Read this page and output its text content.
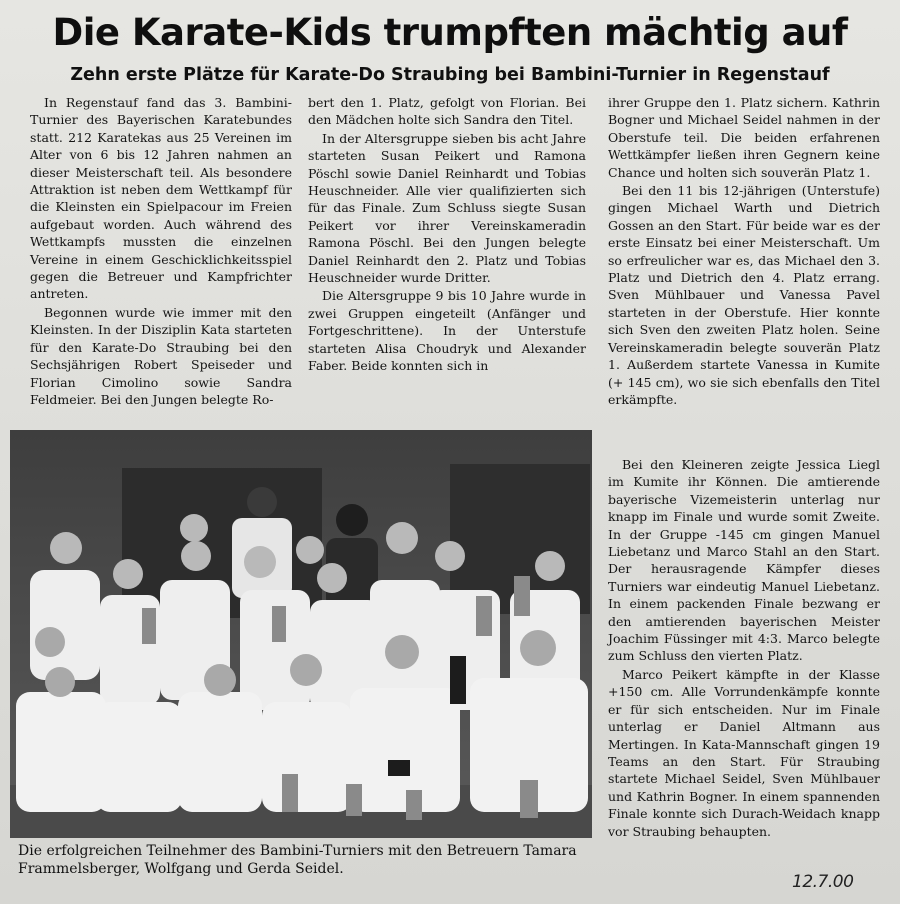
Die Karate-Kids trumpften mächtig auf
Zehn erste Plätze für Karate-Do Straubing bei Bambini-Turnier in Regenstauf

In Regenstauf fand das 3. Bambini-Turnier des Bayerischen Karatebundes statt. 212 Karatekas aus 25 Vereinen im Alter von 6 bis 12 Jahren nahmen an dieser Meisterschaft teil. Als besondere Attraktion ist neben dem Wettkampf für die Kleinsten ein Spielpacour im Freien aufgebaut worden. Auch während des Wettkampfs mussten die einzelnen Vereine in einem Geschicklichkeitsspiel gegen die Betreuer und Kampfrichter antreten.

Begonnen wurde wie immer mit den Kleinsten. In der Disziplin Kata starteten für den Karate-Do Straubing bei den Sechsjährigen Robert Speiseder und Florian Cimolino sowie Sandra Feldmeier. Bei den Jungen belegte Ro-

bert den 1. Platz, gefolgt von Florian. Bei den Mädchen holte sich Sandra den Titel.

In der Altersgruppe sieben bis acht Jahre starteten Susan Peikert und Ramona Pöschl sowie Daniel Reinhardt und Tobias Heuschneider. Alle vier qualifizierten sich für das Finale. Zum Schluss siegte Susan Peikert vor ihrer Vereinskameradin Ramona Pöschl. Bei den Jungen belegte Daniel Reinhardt den 2. Platz und Tobias Heuschneider wurde Dritter.

Die Altersgruppe 9 bis 10 Jahre wurde in zwei Gruppen eingeteilt (Anfänger und Fortgeschrittene). In der Unterstufe starteten Alisa Choudryk und Alexander Faber. Beide konnten sich in

ihrer Gruppe den 1. Platz sichern. Kathrin Bogner und Michael Seidel nahmen in der Oberstufe teil. Die beiden erfahrenen Wettkämpfer ließen ihren Gegnern keine Chance und holten sich souverän Platz 1.

Bei den 11 bis 12-jährigen (Unterstufe) gingen Michael Warth und Dietrich Gossen an den Start. Für beide war es der erste Einsatz bei einer Meisterschaft. Um so erfreulicher war es, das Michael den 3. Platz und Dietrich den 4. Platz errang. Sven Mühlbauer und Vanessa Pavel starteten in der Oberstufe. Hier konnte sich Sven den zweiten Platz holen. Seine Vereinskameradin belegte souverän Platz 1. Außerdem startete Vanessa in Kumite (+ 145 cm), wo sie sich ebenfalls den Titel erkämpfte.

Bei den Kleineren zeigte Jessica Liegl im Kumite ihr Können. Die amtierende bayerische Vizemeisterin unterlag nur knapp im Finale und wurde somit Zweite. In der Gruppe -145 cm gingen Manuel Liebetanz und Marco Stahl an den Start. Der herausragende Kämpfer dieses Turniers war eindeutig Manuel Liebetanz. In einem packenden Finale bezwang er den amtierenden bayerischen Meister Joachim Füssinger mit 4:3. Marco belegte zum Schluss den vierten Platz.

Marco Peikert kämpfte in der Klasse +150 cm. Alle Vorrundenkämpfe konnte er für sich entscheiden. Nur im Finale unterlag er Daniel Altmann aus Mertingen. In Kata-Mannschaft gingen 19 Teams an den Start. Für Straubing startete Michael Seidel, Sven Mühlbauer und Kathrin Bogner. In einem spannenden Finale konnte sich Durach-Weidach knapp vor Straubing behaupten.

Die erfolgreichen Teilnehmer des Bambini-Turniers mit den Betreuern Tamara Frammelsberger, Wolfgang und Gerda Seidel.
12.7.00
